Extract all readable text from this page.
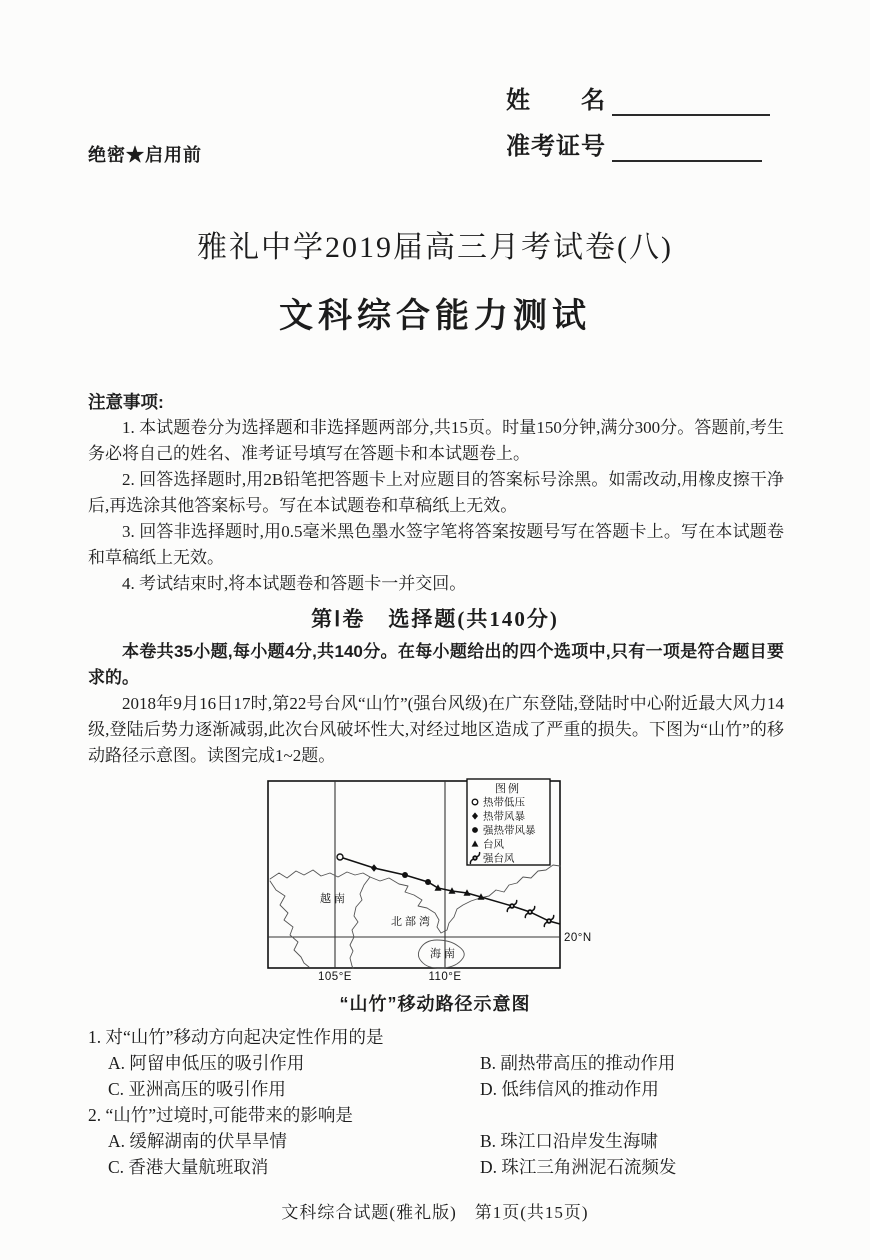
绝密★启用前
姓　　名
准考证号
雅礼中学2019届高三月考试卷(八)
文科综合能力测试
注意事项:

1. 本试题卷分为选择题和非选择题两部分,共15页。时量150分钟,满分300分。答题前,考生务必将自己的姓名、准考证号填写在答题卡和本试题卷上。

2. 回答选择题时,用2B铅笔把答题卡上对应题目的答案标号涂黑。如需改动,用橡皮擦干净后,再选涂其他答案标号。写在本试题卷和草稿纸上无效。

3. 回答非选择题时,用0.5毫米黑色墨水签字笔将答案按题号写在答题卡上。写在本试题卷和草稿纸上无效。

4. 考试结束时,将本试题卷和答题卡一并交回。

第Ⅰ卷　选择题(共140分)

本卷共35小题,每小题4分,共140分。在每小题给出的四个选项中,只有一项是符合题目要求的。

2018年9月16日17时,第22号台风“山竹”(强台风级)在广东登陆,登陆时中心附近最大风力14级,登陆后势力逐渐减弱,此次台风破坏性大,对经过地区造成了严重的损失。下图为“山竹”的移动路径示意图。读图完成1~2题。

图例
热带低压
热带风暴
强热带风暴
台风
强台风
越南
北部湾
海南
105°E	110°E
20°N
“山竹”移动路径示意图
1. 对“山竹”移动方向起决定性作用的是
A. 阿留申低压的吸引作用	B. 副热带高压的推动作用
C. 亚洲高压的吸引作用	D. 低纬信风的推动作用
2. “山竹”过境时,可能带来的影响是
A. 缓解湖南的伏旱旱情	B. 珠江口沿岸发生海啸
C. 香港大量航班取消	D. 珠江三角洲泥石流频发
文科综合试题(雅礼版)　第1页(共15页)
